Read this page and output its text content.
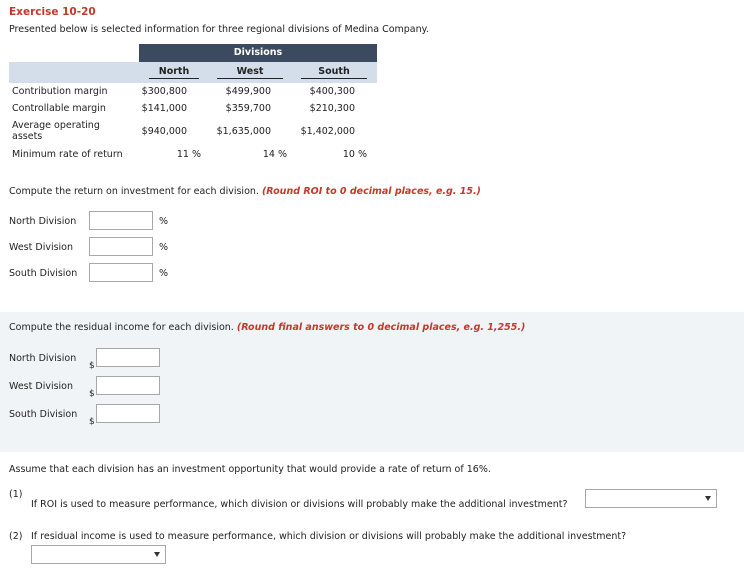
Exercise 10-20
Presented below is selected information for three regional divisions of Medina Company.
Divisions
North	West	South
Contribution margin	$300,800	$499,900	$400,300
Controllable margin	$141,000	$359,700	$210,300
Average operating
assets	$940,000	$1,635,000	$1,402,000
Minimum rate of return	11 %	14 %	10 %
Compute the return on investment for each division. (Round ROI to 0 decimal places, e.g. 15.)
North Division	%
West Division	%
South Division	%
Compute the residual income for each division. (Round final answers to 0 decimal places, e.g. 1,255.)
North Division
$
West Division
$
South Division
$
Assume that each division has an investment opportunity that would provide a rate of return of 16%.
(1)
If ROI is used to measure performance, which division or divisions will probably make the additional investment?
(2) If residual income is used to measure performance, which division or divisions will probably make the additional investment?
